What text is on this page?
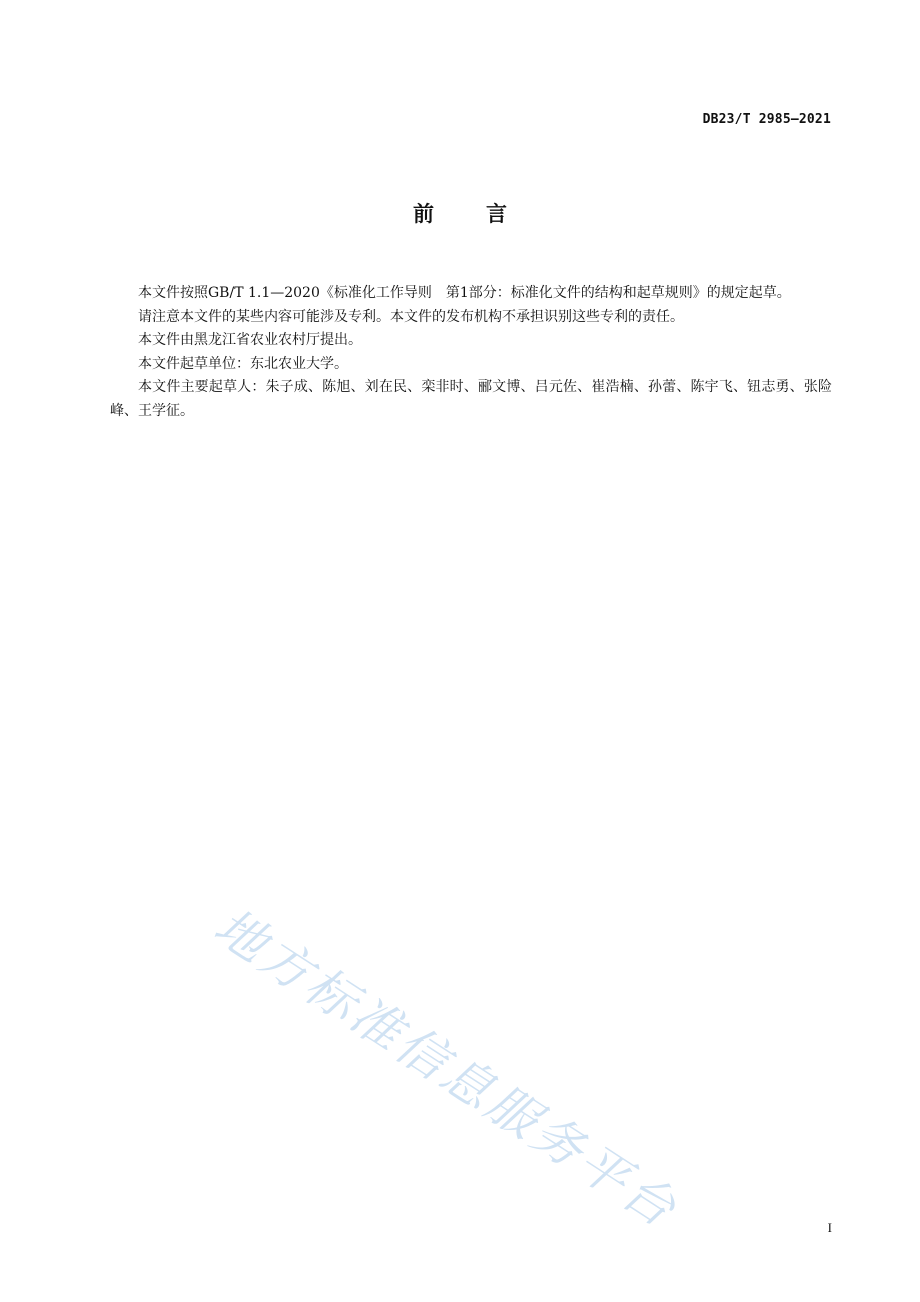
DB23/T 2985—2021
前 言

本文件按照GB/T 1.1—2020《标准化工作导则　第1部分：标准化文件的结构和起草规则》的规定起草。

请注意本文件的某些内容可能涉及专利。本文件的发布机构不承担识别这些专利的责任。

本文件由黑龙江省农业农村厅提出。

本文件起草单位：东北农业大学。

本文件主要起草人：朱子成、陈旭、刘在民、栾非时、郦文博、吕元佐、崔浩楠、孙蕾、陈宇飞、钮志勇、张险峰、王学征。

地方标准信息服务平台	I
